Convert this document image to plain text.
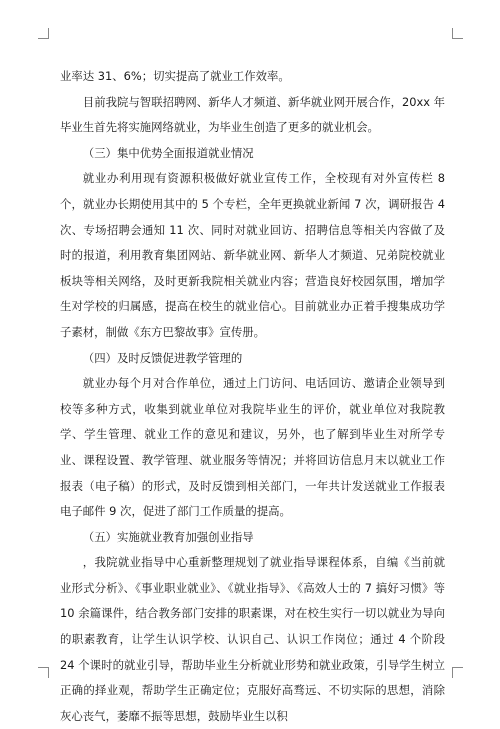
业率达 31、6%；切实提高了就业工作效率。

目前我院与智联招聘网、新华人才频道、新华就业网开展合作，20xx 年毕业生首先将实施网络就业，为毕业生创造了更多的就业机会。

（三）集中优势全面报道就业情况

就业办利用现有资源积极做好就业宣传工作，全校现有对外宣传栏 8 个，就业办长期使用其中的 5 个专栏，全年更换就业新闻 7 次，调研报告 4 次、专场招聘会通知 11 次、同时对就业回访、招聘信息等相关内容做了及时的报道，利用教育集团网站、新华就业网、新华人才频道、兄弟院校就业板块等相关网络，及时更新我院相关就业内容；营造良好校园氛围，增加学生对学校的归属感，提高在校生的就业信心。目前就业办正着手搜集成功学子素材，制做《东方巴黎故事》宣传册。

（四）及时反馈促进教学管理的

就业办每个月对合作单位，通过上门访问、电话回访、邀请企业领导到校等多种方式，收集到就业单位对我院毕业生的评价，就业单位对我院教学、学生管理、就业工作的意见和建议，另外，也了解到毕业生对所学专业、课程设置、教学管理、就业服务等情况；并将回访信息月末以就业工作报表（电子稿）的形式，及时反馈到相关部门，一年共计发送就业工作报表电子邮件 9 次，促进了部门工作质量的提高。

（五）实施就业教育加强创业指导

，我院就业指导中心重新整理规划了就业指导课程体系，自编《当前就业形式分析》、《事业职业就业》、《就业指导》、《高效人士的 7 搞好习惯》等 10 余篇课件，结合教务部门安排的职素课，对在校生实行一切以就业为导向的职素教育，让学生认识学校、认识自己、认识工作岗位；通过 4 个阶段 24 个课时的就业引导，帮助毕业生分析就业形势和就业政策，引导学生树立正确的择业观，帮助学生正确定位；克服好高骛远、不切实际的思想，消除灰心丧气，萎靡不振等思想，鼓励毕业生以积
